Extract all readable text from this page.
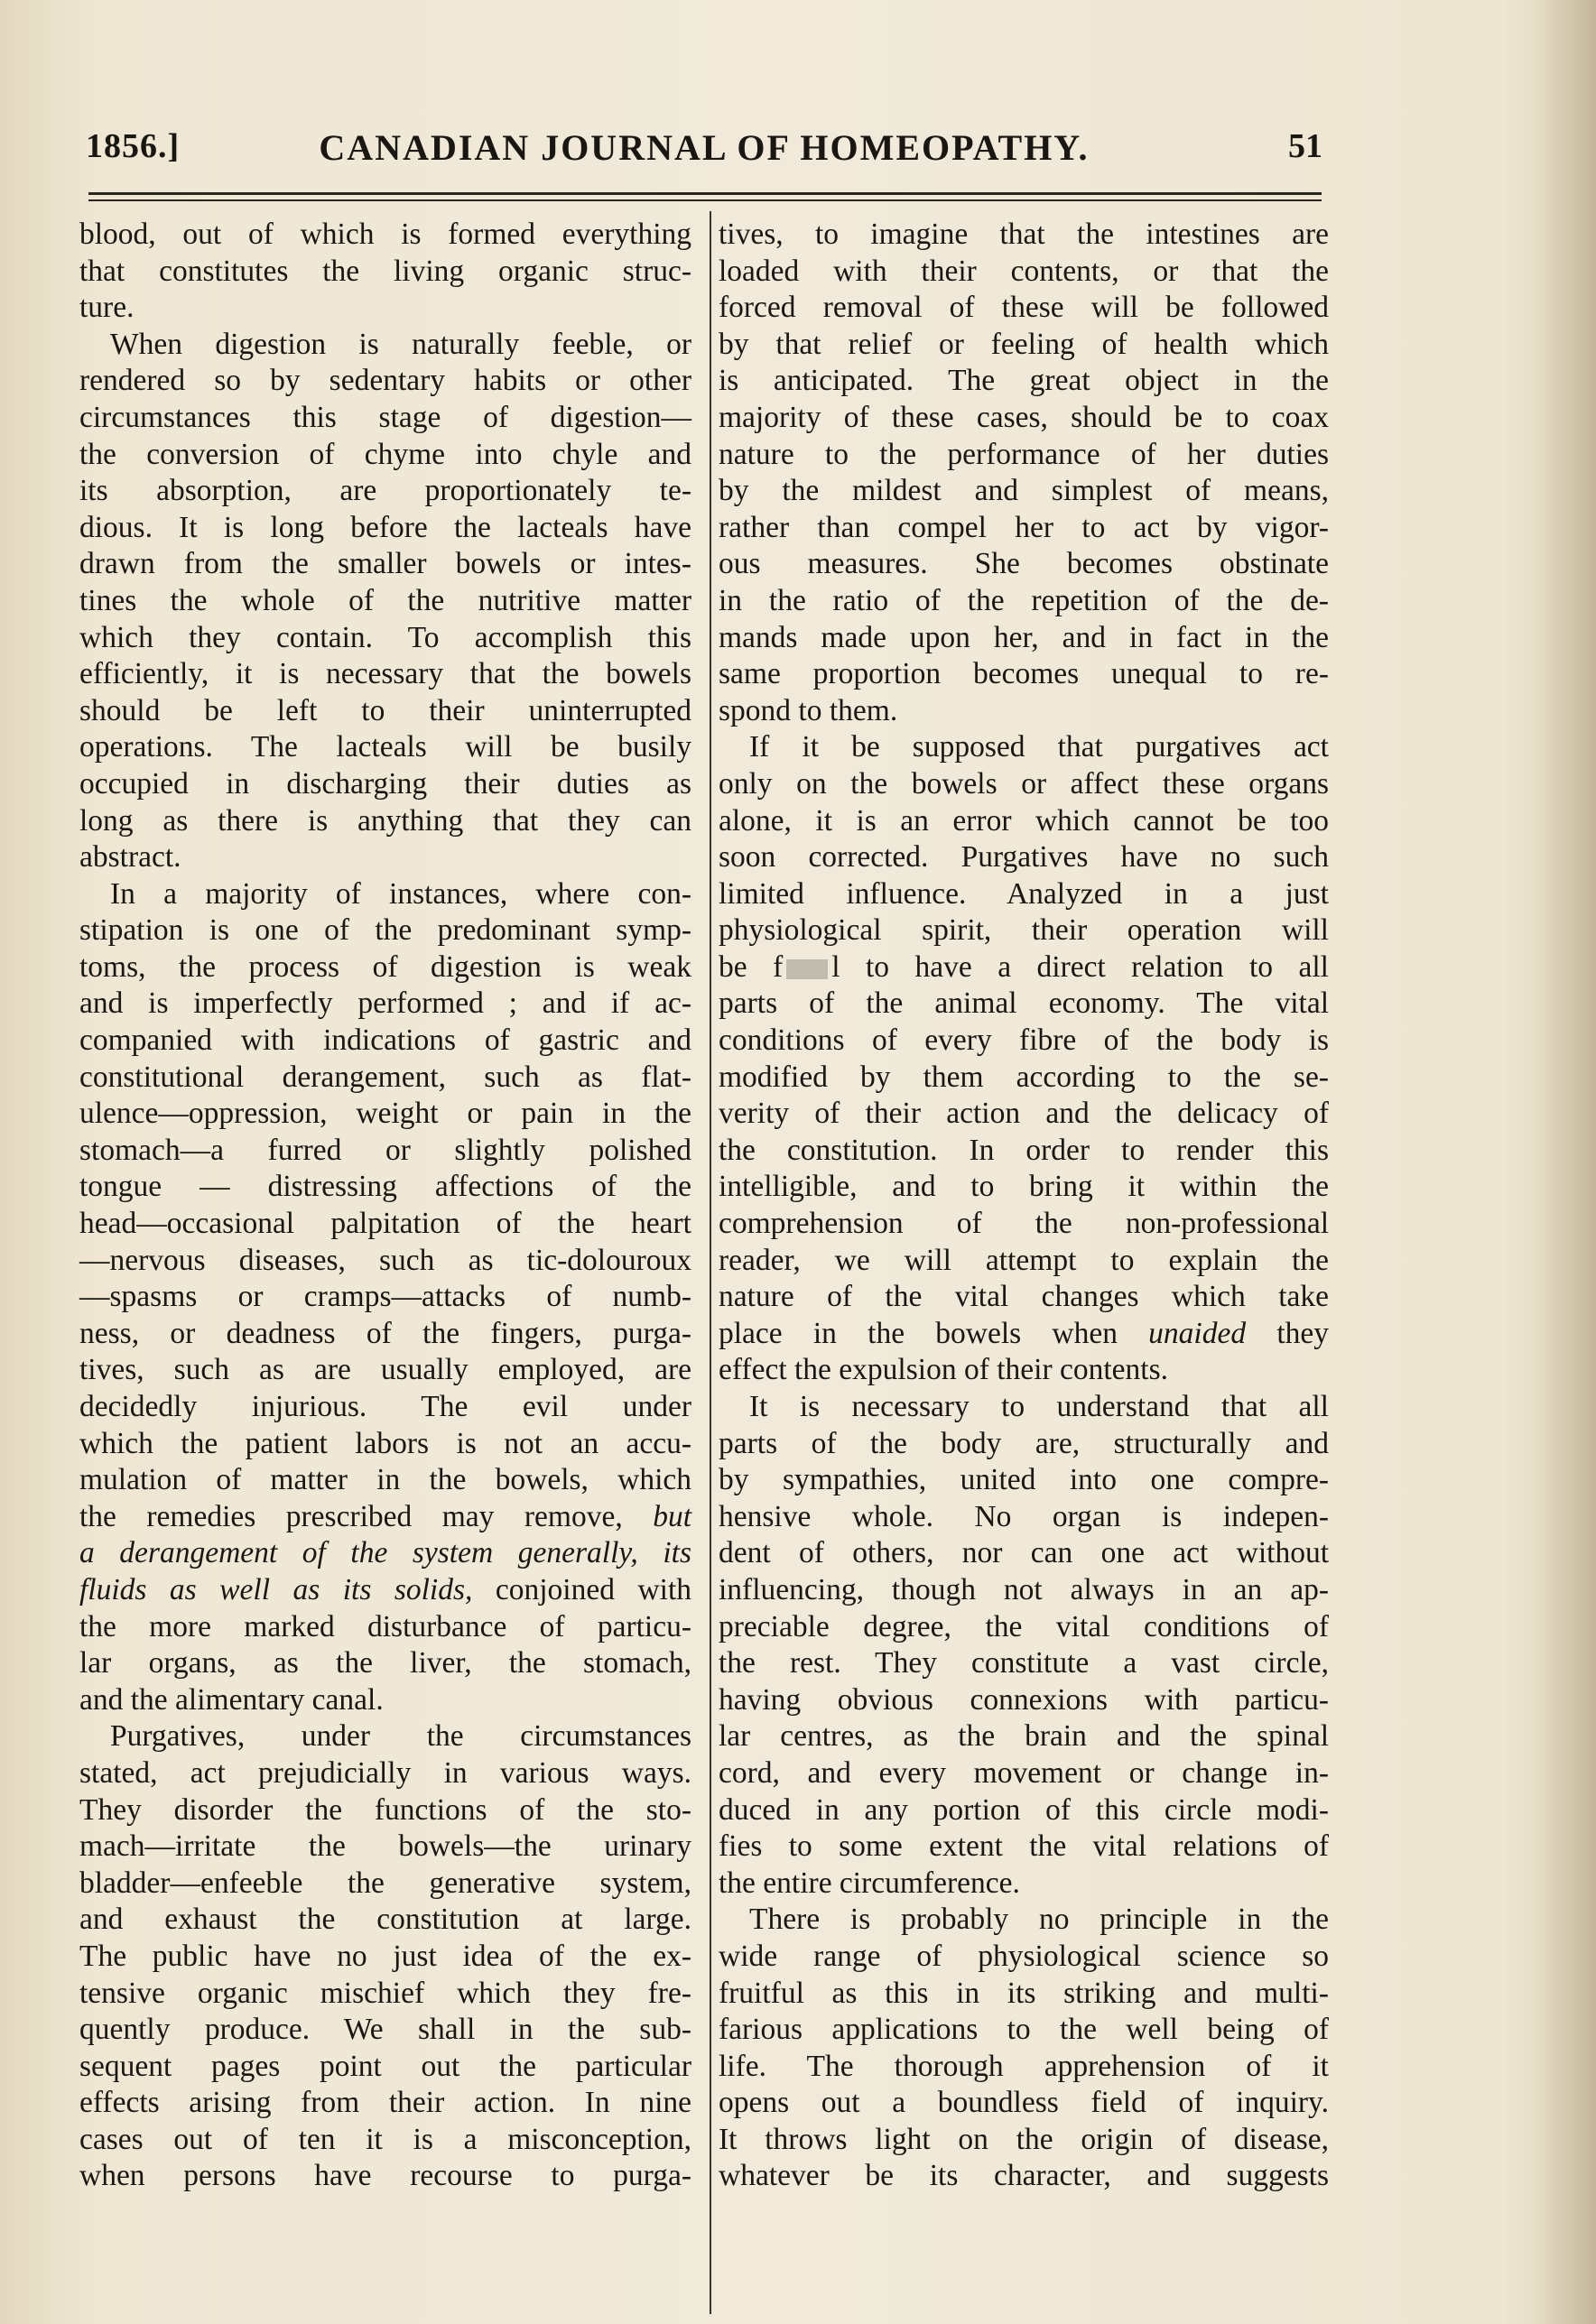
1856.]	CANADIAN JOURNAL OF HOMEOPATHY.	51
blood, out of which is formed everything
that constitutes the living organic struc-
ture.
When digestion is naturally feeble, or
rendered so by sedentary habits or other
circumstances this stage of digestion—
the conversion of chyme into chyle and
its absorption, are proportionately te-
dious. It is long before the lacteals have
drawn from the smaller bowels or intes-
tines the whole of the nutritive matter
which they contain. To accomplish this
efficiently, it is necessary that the bowels
should be left to their uninterrupted
operations. The lacteals will be busily
occupied in discharging their duties as
long as there is anything that they can
abstract.
In a majority of instances, where con-
stipation is one of the predominant symp-
toms, the process of digestion is weak
and is imperfectly performed ; and if ac-
companied with indications of gastric and
constitutional derangement, such as flat-
ulence—oppression, weight or pain in the
stomach—a furred or slightly polished
tongue — distressing affections of the
head—occasional palpitation of the heart
—nervous diseases, such as tic-dolouroux
—spasms or cramps—attacks of numb-
ness, or deadness of the fingers, purga-
tives, such as are usually employed, are
decidedly injurious. The evil under
which the patient labors is not an accu-
mulation of matter in the bowels, which
the remedies prescribed may remove, but
a derangement of the system generally, its
fluids as well as its solids, conjoined with
the more marked disturbance of particu-
lar organs, as the liver, the stomach,
and the alimentary canal.
Purgatives, under the circumstances
stated, act prejudicially in various ways.
They disorder the functions of the sto-
mach—irritate the bowels—the urinary
bladder—enfeeble the generative system,
and exhaust the constitution at large.
The public have no just idea of the ex-
tensive organic mischief which they fre-
quently produce. We shall in the sub-
sequent pages point out the particular
effects arising from their action. In nine
cases out of ten it is a misconception,
when persons have recourse to purga-
tives, to imagine that the intestines are
loaded with their contents, or that the
forced removal of these will be followed
by that relief or feeling of health which
is anticipated. The great object in the
majority of these cases, should be to coax
nature to the performance of her duties
by the mildest and simplest of means,
rather than compel her to act by vigor-
ous measures. She becomes obstinate
in the ratio of the repetition of the de-
mands made upon her, and in fact in the
same proportion becomes unequal to re-
spond to them.
If it be supposed that purgatives act
only on the bowels or affect these organs
alone, it is an error which cannot be too
soon corrected. Purgatives have no such
limited influence. Analyzed in a just
physiological spirit, their operation will
be f l to have a direct relation to all
parts of the animal economy. The vital
conditions of every fibre of the body is
modified by them according to the se-
verity of their action and the delicacy of
the constitution. In order to render this
intelligible, and to bring it within the
comprehension of the non-professional
reader, we will attempt to explain the
nature of the vital changes which take
place in the bowels when unaided they
effect the expulsion of their contents.
It is necessary to understand that all
parts of the body are, structurally and
by sympathies, united into one compre-
hensive whole. No organ is indepen-
dent of others, nor can one act without
influencing, though not always in an ap-
preciable degree, the vital conditions of
the rest. They constitute a vast circle,
having obvious connexions with particu-
lar centres, as the brain and the spinal
cord, and every movement or change in-
duced in any portion of this circle modi-
fies to some extent the vital relations of
the entire circumference.
There is probably no principle in the
wide range of physiological science so
fruitful as this in its striking and multi-
farious applications to the well being of
life. The thorough apprehension of it
opens out a boundless field of inquiry.
It throws light on the origin of disease,
whatever be its character, and suggests
